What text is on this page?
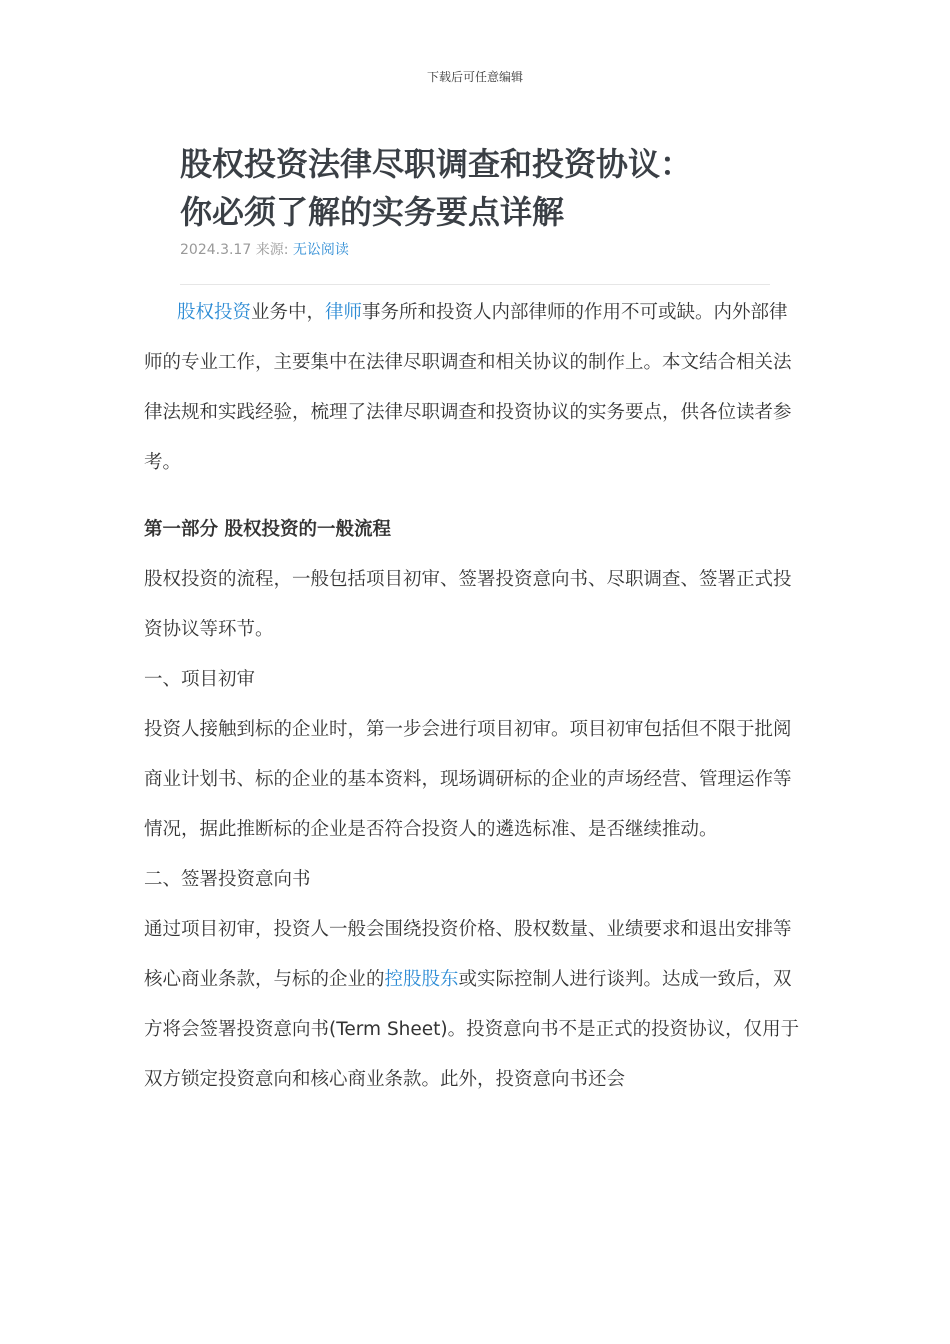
下载后可任意编辑
股权投资法律尽职调查和投资协议：
你必须了解的实务要点详解
2024.3.17 来源: 无讼阅读

股权投资业务中，律师事务所和投资人内部律师的作用不可或缺。内外部律师的专业工作，主要集中在法律尽职调查和相关协议的制作上。本文结合相关法律法规和实践经验，梳理了法律尽职调查和投资协议的实务要点，供各位读者参考。

第一部分 股权投资的一般流程

股权投资的流程，一般包括项目初审、签署投资意向书、尽职调查、签署正式投资协议等环节。

一、项目初审

投资人接触到标的企业时，第一步会进行项目初审。项目初审包括但不限于批阅商业计划书、标的企业的基本资料，现场调研标的企业的声场经营、管理运作等情况，据此推断标的企业是否符合投资人的遴选标准、是否继续推动。

二、签署投资意向书

通过项目初审，投资人一般会围绕投资价格、股权数量、业绩要求和退出安排等核心商业条款，与标的企业的控股股东或实际控制人进行谈判。达成一致后，双方将会签署投资意向书(Term Sheet)。投资意向书不是正式的投资协议，仅用于双方锁定投资意向和核心商业条款。此外，投资意向书还会
